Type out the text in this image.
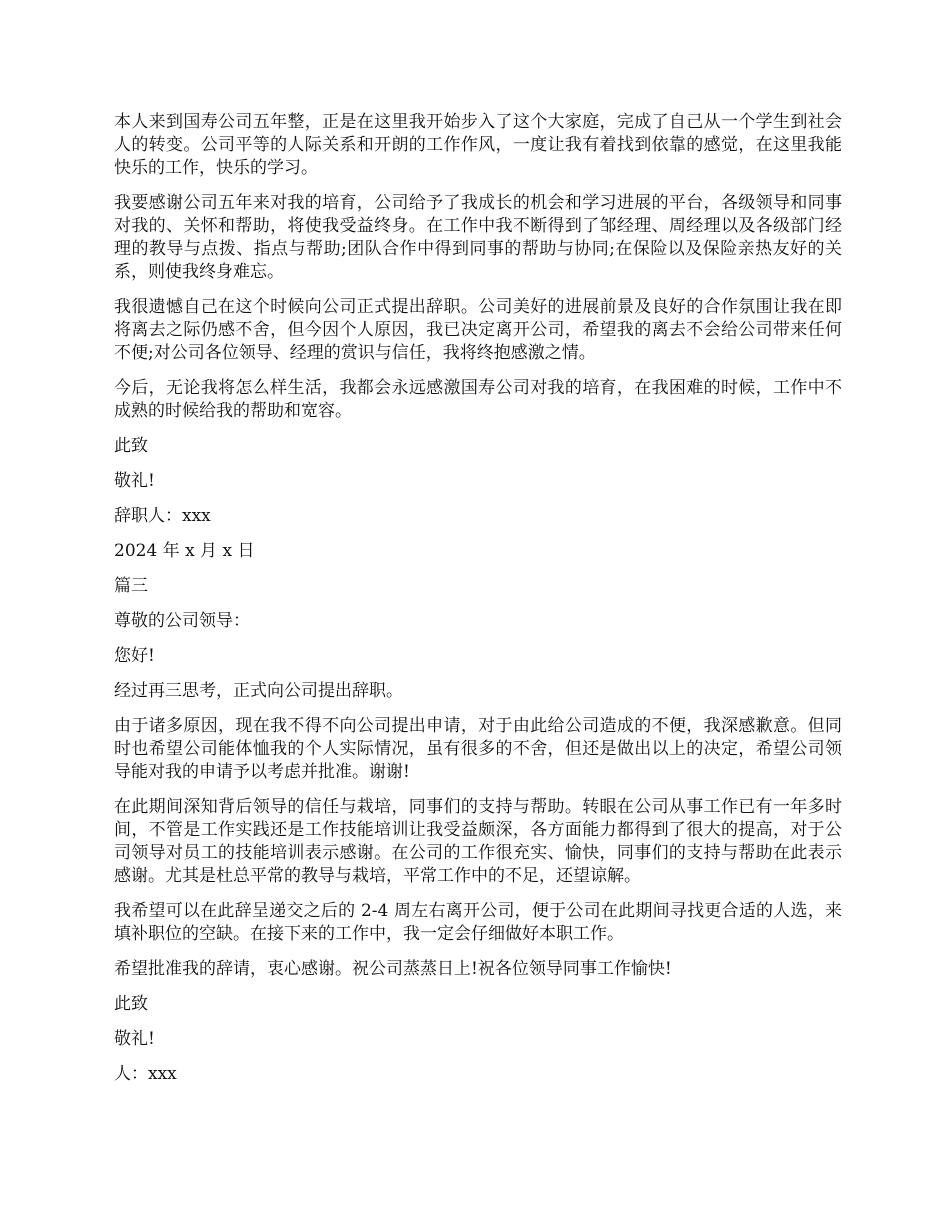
本人来到国寿公司五年整，正是在这里我开始步入了这个大家庭，完成了自己从一个学生到社会人的转变。公司平等的人际关系和开朗的工作作风，一度让我有着找到依靠的感觉，在这里我能快乐的工作，快乐的学习。

我要感谢公司五年来对我的培育，公司给予了我成长的机会和学习进展的平台，各级领导和同事对我的、关怀和帮助，将使我受益终身。在工作中我不断得到了邹经理、周经理以及各级部门经理的教导与点拨、指点与帮助;团队合作中得到同事的帮助与协同;在保险以及保险亲热友好的关系，则使我终身难忘。

我很遗憾自己在这个时候向公司正式提出辞职。公司美好的进展前景及良好的合作氛围让我在即将离去之际仍感不舍，但今因个人原因，我已决定离开公司，希望我的离去不会给公司带来任何不便;对公司各位领导、经理的赏识与信任，我将终抱感激之情。

今后，无论我将怎么样生活，我都会永远感激国寿公司对我的培育，在我困难的时候，工作中不成熟的时候给我的帮助和宽容。

此致

敬礼!

辞职人：xxx

2024 年 x 月 x 日

篇三

尊敬的公司领导：

您好!

经过再三思考，正式向公司提出辞职。

由于诸多原因，现在我不得不向公司提出申请，对于由此给公司造成的不便，我深感歉意。但同时也希望公司能体恤我的个人实际情况，虽有很多的不舍，但还是做出以上的决定，希望公司领导能对我的申请予以考虑并批准。谢谢!

在此期间深知背后领导的信任与栽培，同事们的支持与帮助。转眼在公司从事工作已有一年多时间，不管是工作实践还是工作技能培训让我受益颇深，各方面能力都得到了很大的提高，对于公司领导对员工的技能培训表示感谢。在公司的工作很充实、愉快，同事们的支持与帮助在此表示感谢。尤其是杜总平常的教导与栽培，平常工作中的不足，还望谅解。

我希望可以在此辞呈递交之后的 2-4 周左右离开公司，便于公司在此期间寻找更合适的人选，来填补职位的空缺。在接下来的工作中，我一定会仔细做好本职工作。

希望批准我的辞请，衷心感谢。祝公司蒸蒸日上!祝各位领导同事工作愉快!

此致

敬礼!

人：xxx
